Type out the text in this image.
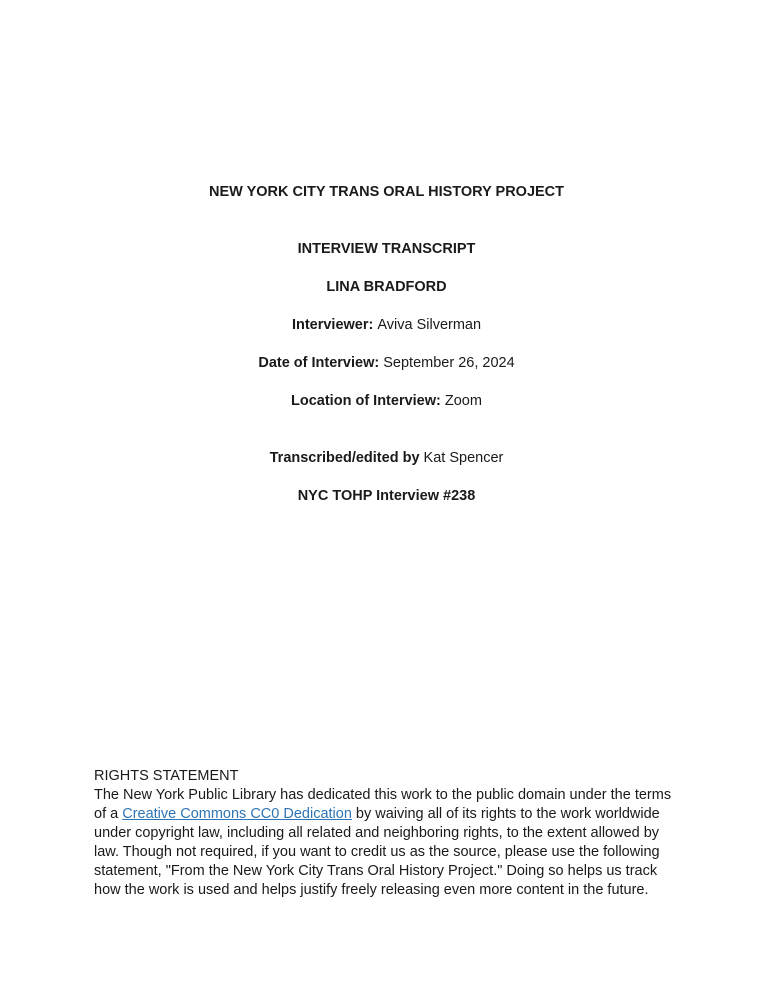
NEW YORK CITY TRANS ORAL HISTORY PROJECT
INTERVIEW TRANSCRIPT
LINA BRADFORD
Interviewer: Aviva Silverman
Date of Interview: September 26, 2024
Location of Interview: Zoom
Transcribed/edited by Kat Spencer
NYC TOHP Interview #238
RIGHTS STATEMENT
The New York Public Library has dedicated this work to the public domain under the terms of a Creative Commons CC0 Dedication by waiving all of its rights to the work worldwide under copyright law, including all related and neighboring rights, to the extent allowed by law. Though not required, if you want to credit us as the source, please use the following statement, "From the New York City Trans Oral History Project." Doing so helps us track how the work is used and helps justify freely releasing even more content in the future.
